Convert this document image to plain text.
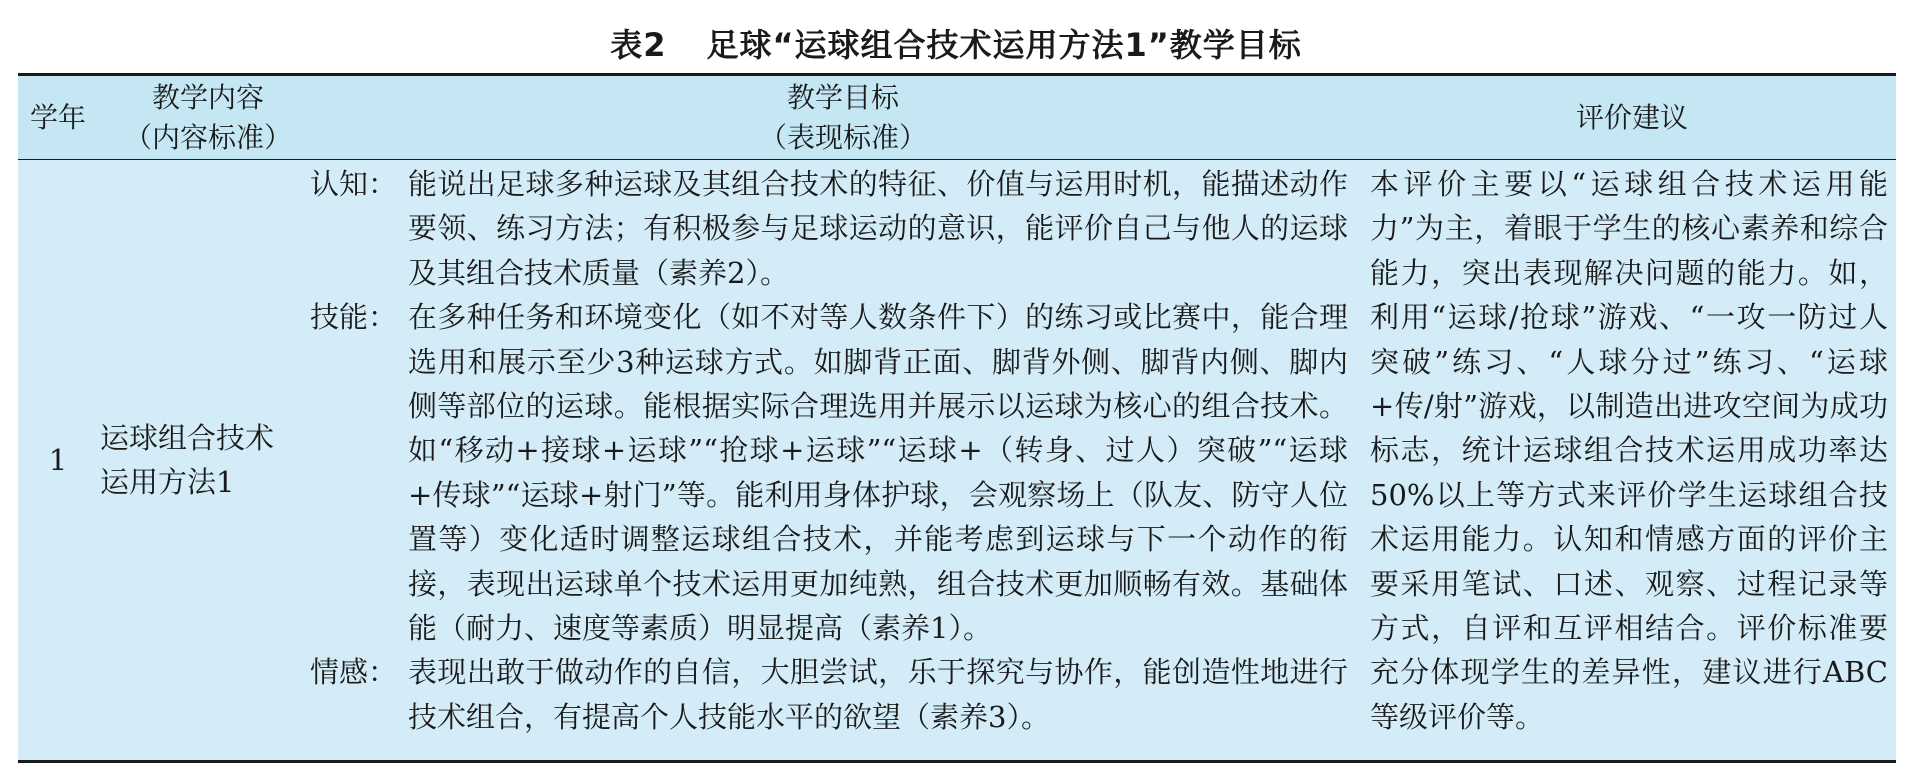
表2 足球“运球组合技术运用方法1”教学目标
学年
教学内容
（内容标准）
教学目标
（表现标准）
评价建议
1
运球组合技术
运用方法1
认知： 能说出足球多种运球及其组合技术的特征、价值与运用时机，能描述动作要领、练习方法；有积极参与足球运动的意识，能评价自己与他人的运球及其组合技术质量（素养2）。
技能： 在多种任务和环境变化（如不对等人数条件下）的练习或比赛中，能合理选用和展示至少3种运球方式。如脚背正面、脚背外侧、脚背内侧、脚内侧等部位的运球。能根据实际合理选用并展示以运球为核心的组合技术。如“移动+接球+运球”“抢球+运球”“运球+（转身、过人）突破”“运球+传球”“运球+射门”等。能利用身体护球，会观察场上（队友、防守人位置等）变化适时调整运球组合技术，并能考虑到运球与下一个动作的衔接，表现出运球单个技术运用更加纯熟，组合技术更加顺畅有效。基础体能（耐力、速度等素质）明显提高（素养1）。
情感： 表现出敢于做动作的自信，大胆尝试，乐于探究与协作，能创造性地进行技术组合，有提高个人技能水平的欲望（素养3）。
本评价主要以“运球组合技术运用能力”为主，着眼于学生的核心素养和综合能力，突出表现解决问题的能力。如，利用“运球/抢球”游戏、“一攻一防过人突破”练习、“人球分过”练习、“运球+传/射”游戏，以制造出进攻空间为成功标志，统计运球组合技术运用成功率达50%以上等方式来评价学生运球组合技术运用能力。认知和情感方面的评价主要采用笔试、口述、观察、过程记录等方式，自评和互评相结合。评价标准要充分体现学生的差异性，建议进行ABC等级评价等。
